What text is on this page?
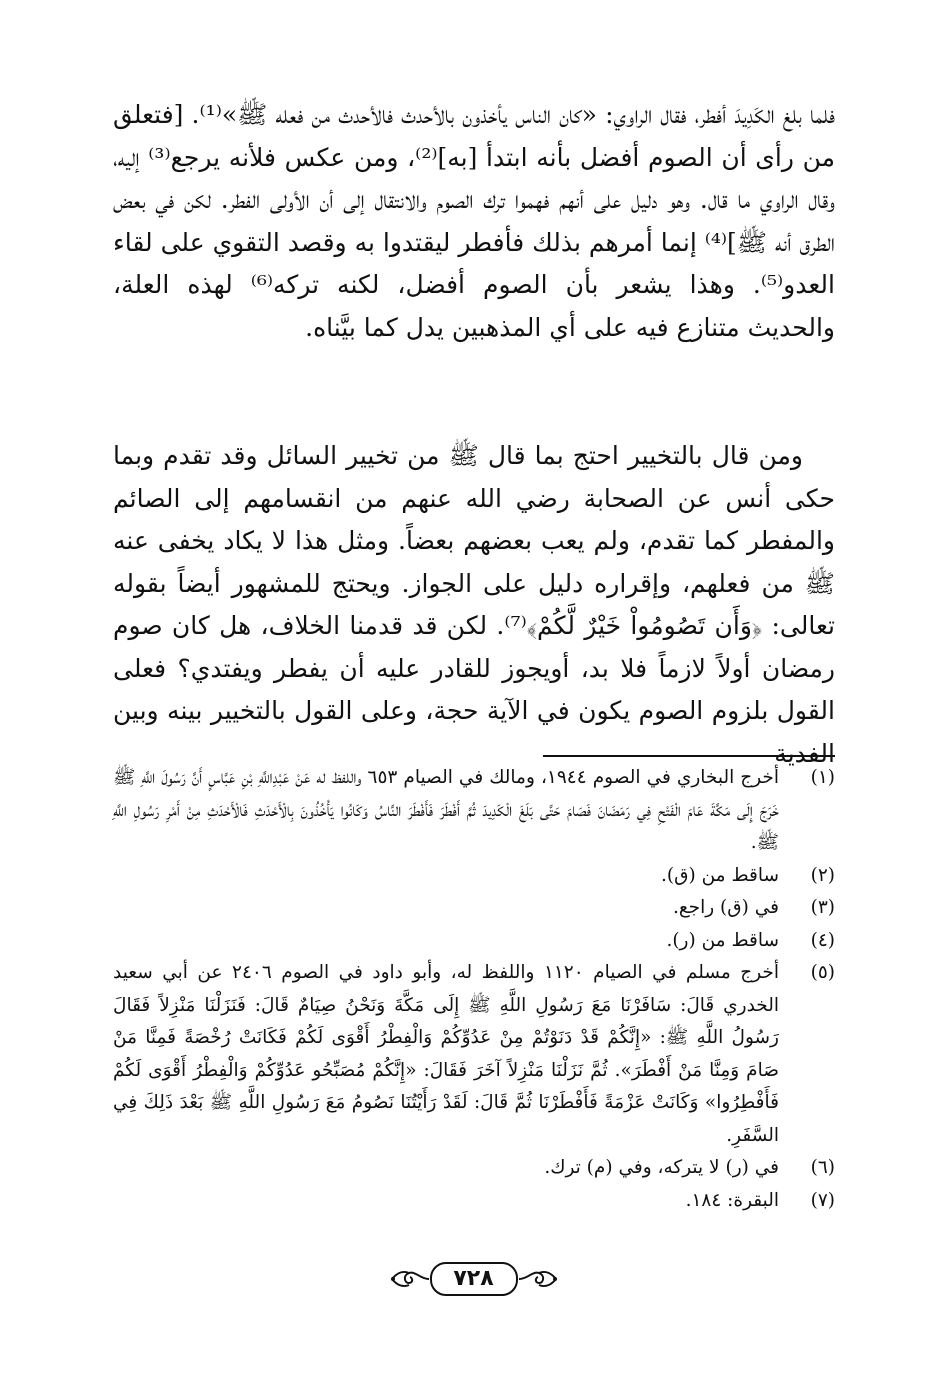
فلما بلغ الكَدِيدَ أفطر، فقال الراوي: «كان الناس يأخذون بالأحدث فالأحدث من فعله ﷺ»⁽¹⁾. [فتعلق من رأى أن الصوم أفضل بأنه ابتدأ [به]⁽²⁾، ومن عكس فلأنه يرجع⁽³⁾ إليه، وقال الراوي ما قال. وهو دليل على أنهم فهموا ترك الصوم والانتقال إلى أن الأولى الفطر. لكن في بعض الطرق أنه ﷺ]⁽⁴⁾ إنما أمرهم بذلك فأفطر ليقتدوا به وقصد التقوي على لقاء العدو⁽⁵⁾. وهذا يشعر بأن الصوم أفضل، لكنه تركه⁽⁶⁾ لهذه العلة، والحديث متنازع فيه على أي المذهبين يدل كما بيَّناه.

ومن قال بالتخيير احتج بما قال ﷺ من تخيير السائل وقد تقدم وبما حكى أنس عن الصحابة رضي الله عنهم من انقسامهم إلى الصائم والمفطر كما تقدم، ولم يعب بعضهم بعضاً. ومثل هذا لا يكاد يخفى عنه ﷺ من فعلهم، وإقراره دليل على الجواز. ويحتج للمشهور أيضاً بقوله تعالى: ﴿وَأَن تَصُومُواْ خَيْرٌ لَّكُمْ﴾⁽⁷⁾. لكن قد قدمنا الخلاف، هل كان صوم رمضان أولاً لازماً فلا بد، أويجوز للقادر عليه أن يفطر ويفتدي؟ فعلى القول بلزوم الصوم يكون في الآية حجة، وعلى القول بالتخيير بينه وبين الفدية

(١)
أخرج البخاري في الصوم ١٩٤٤، ومالك في الصيام ٦٥٣ واللفظ له عَنْ عَبْدِاللَّهِ بْنِ عَبَّاسٍ أَنَّ رَسُولَ اللَّهِ ﷺ خَرَجَ إِلَى مَكَّةَ عَامَ الْفَتْحِ فِي رَمَضَانَ فَصَامَ حَتَّى بَلَغَ الْكَدِيدَ ثُمَّ أَفْطَرَ فَأَفْطَرَ النَّاسُ وَكَانُوا يَأْخُذُونَ بِالْأَحْدَثِ فَالْأَحْدَثِ مِنْ أَمْرِ رَسُولِ اللَّهِ ﷺ.
(٢)
ساقط من (ق).
(٣)
في (ق) راجع.
(٤)
ساقط من (ر).
(٥)
أخرج مسلم في الصيام ١١٢٠ واللفظ له، وأبو داود في الصوم ٢٤٠٦ عن أبي سعيد الخدري قَالَ: سَافَرْنَا مَعَ رَسُولِ اللَّهِ ﷺ إِلَى مَكَّةَ وَنَحْنُ صِيَامٌ قَالَ: فَنَزَلْنَا مَنْزِلاً فَقَالَ رَسُولُ اللَّهِ ﷺ: «إِنَّكُمْ قَدْ دَنَوْتُمْ مِنْ عَدُوِّكُمْ وَالْفِطْرُ أَقْوَى لَكُمْ فَكَانَتْ رُخْصَةً فَمِنَّا مَنْ صَامَ وَمِنَّا مَنْ أَفْطَرَ». ثُمَّ نَزَلْنَا مَنْزِلاً آخَرَ فَقَالَ: «إِنَّكُمْ مُصَبِّحُو عَدُوِّكُمْ وَالْفِطْرُ أَقْوَى لَكُمْ فَأَفْطِرُوا» وَكَانَتْ عَزْمَةً فَأَفْطَرْنَا ثُمَّ قَالَ: لَقَدْ رَأَيْتُنَا نَصُومُ مَعَ رَسُولِ اللَّهِ ﷺ بَعْدَ ذَلِكَ فِي السَّفَرِ.
(٦)
في (ر) لا يتركه، وفي (م) ترك.
(٧)
البقرة: ١٨٤.
٧٢٨
